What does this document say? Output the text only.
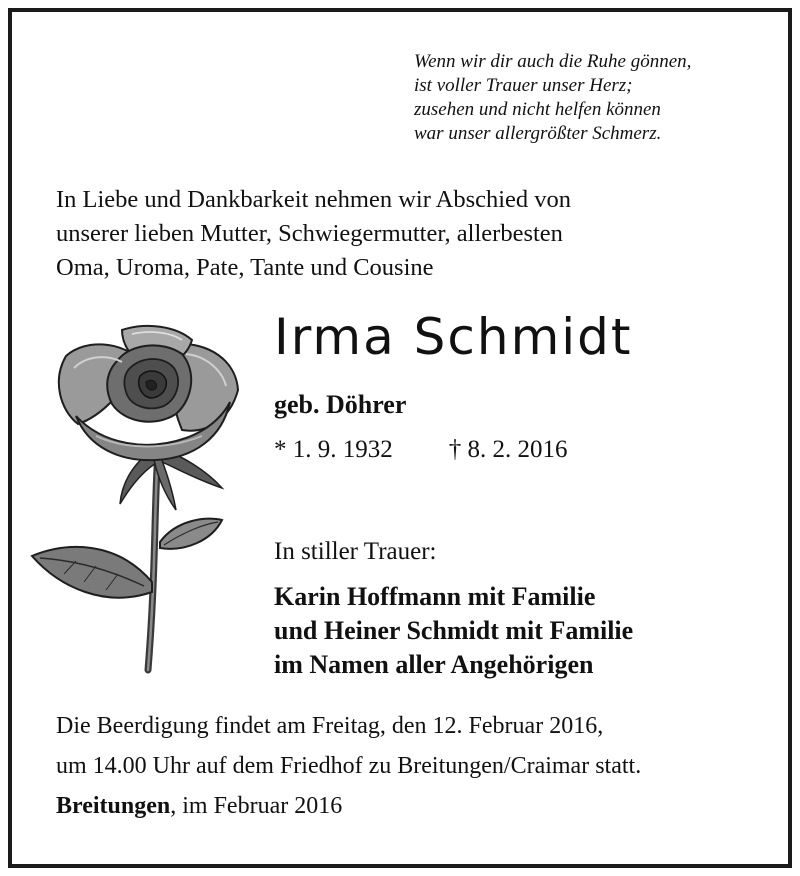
Wenn wir dir auch die Ruhe gönnen,
ist voller Trauer unser Herz;
zusehen und nicht helfen können
war unser allergrößter Schmerz.
In Liebe und Dankbarkeit nehmen wir Abschied von
unserer lieben Mutter, Schwiegermutter, allerbesten
Oma, Uroma, Pate, Tante und Cousine
Irma Schmidt
geb. Döhrer
* 1. 9. 1932 † 8. 2. 2016
In stiller Trauer:
Karin Hoffmann mit Familie
und Heiner Schmidt mit Familie
im Namen aller Angehörigen
Die Beerdigung findet am Freitag, den 12. Februar 2016,
um 14.00 Uhr auf dem Friedhof zu Breitungen/Craimar statt.
Breitungen, im Februar 2016
